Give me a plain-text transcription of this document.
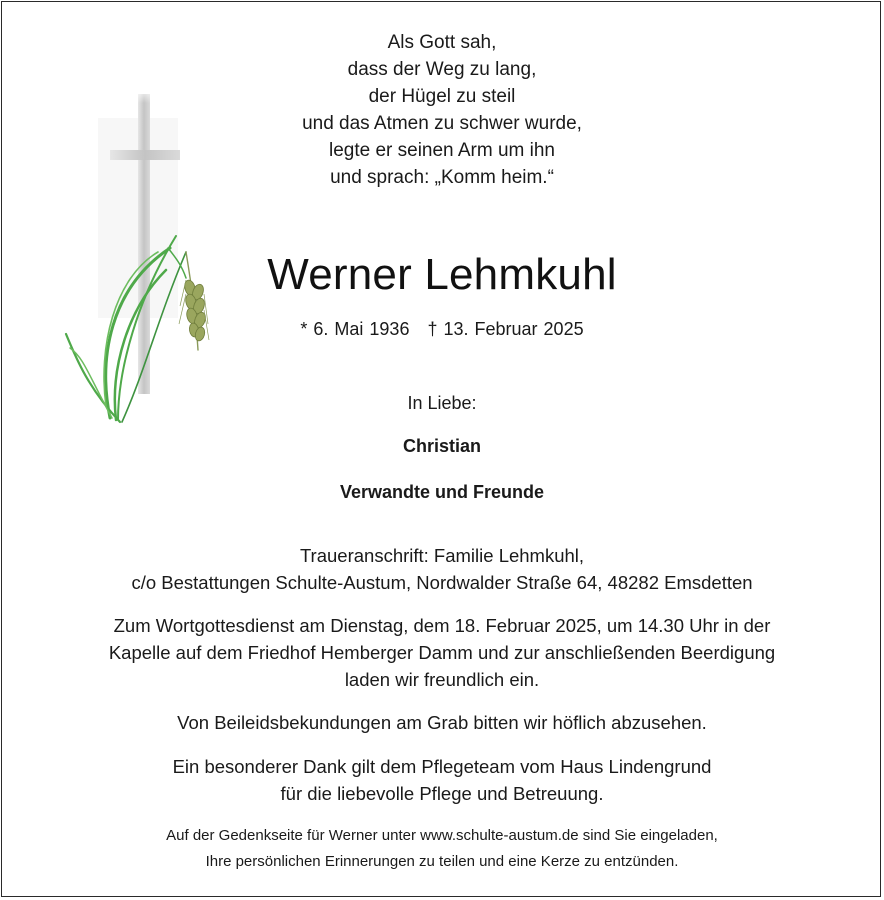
Als Gott sah,
dass der Weg zu lang,
der Hügel zu steil
und das Atmen zu schwer wurde,
legte er seinen Arm um ihn
und sprach: „Komm heim.“
Werner Lehmkuhl
* 6. Mai 1936 † 13. Februar 2025
In Liebe:
Christian
Verwandte und Freunde
Traueranschrift: Familie Lehmkuhl,
c/o Bestattungen Schulte-Austum, Nordwalder Straße 64, 48282 Emsdetten
Zum Wortgottesdienst am Dienstag, dem 18. Februar 2025, um 14.30 Uhr in der
Kapelle auf dem Friedhof Hemberger Damm und zur anschließenden Beerdigung
laden wir freundlich ein.
Von Beileidsbekundungen am Grab bitten wir höflich abzusehen.
Ein besonderer Dank gilt dem Pflegeteam vom Haus Lindengrund
für die liebevolle Pflege und Betreuung.
Auf der Gedenkseite für Werner unter www.schulte-austum.de sind Sie eingeladen,
Ihre persönlichen Erinnerungen zu teilen und eine Kerze zu entzünden.
